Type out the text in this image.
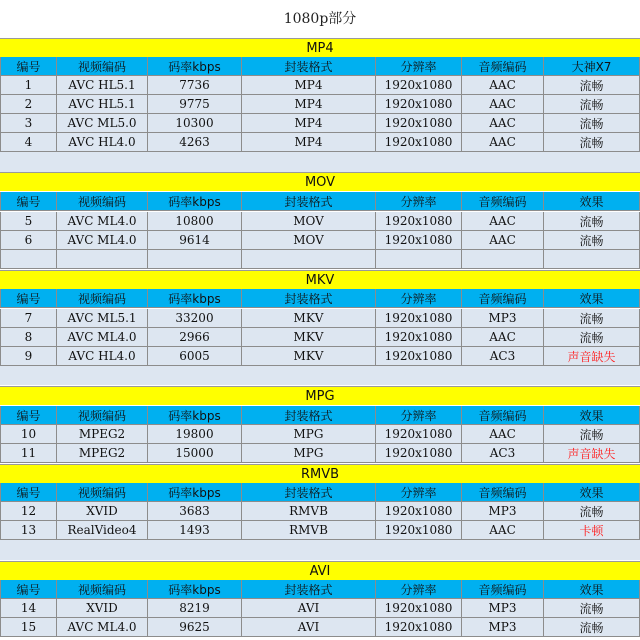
1080p部分
MP4
编号	视频编码	码率kbps	封装格式	分辨率	音频编码	大神X7
1	AVC HL5.1	7736	MP4	1920x1080	AAC	流畅
2	AVC HL5.1	9775	MP4	1920x1080	AAC	流畅
3	AVC ML5.0	10300	MP4	1920x1080	AAC	流畅
4	AVC HL4.0	4263	MP4	1920x1080	AAC	流畅
MOV
编号	视频编码	码率kbps	封装格式	分辨率	音频编码	效果
5	AVC ML4.0	10800	MOV	1920x1080	AAC	流畅
6	AVC ML4.0	9614	MOV	1920x1080	AAC	流畅
MKV
编号	视频编码	码率kbps	封装格式	分辨率	音频编码	效果
7	AVC ML5.1	33200	MKV	1920x1080	MP3	流畅
8	AVC ML4.0	2966	MKV	1920x1080	AAC	流畅
9	AVC HL4.0	6005	MKV	1920x1080	AC3	声音缺失
MPG
编号	视频编码	码率kbps	封装格式	分辨率	音频编码	效果
10	MPEG2	19800	MPG	1920x1080	AAC	流畅
11	MPEG2	15000	MPG	1920x1080	AC3	声音缺失
RMVB
编号	视频编码	码率kbps	封装格式	分辨率	音频编码	效果
12	XVID	3683	RMVB	1920x1080	MP3	流畅
13	RealVideo4	1493	RMVB	1920x1080	AAC	卡顿
AVI
编号	视频编码	码率kbps	封装格式	分辨率	音频编码	效果
14	XVID	8219	AVI	1920x1080	MP3	流畅
15	AVC ML4.0	9625	AVI	1920x1080	MP3	流畅
